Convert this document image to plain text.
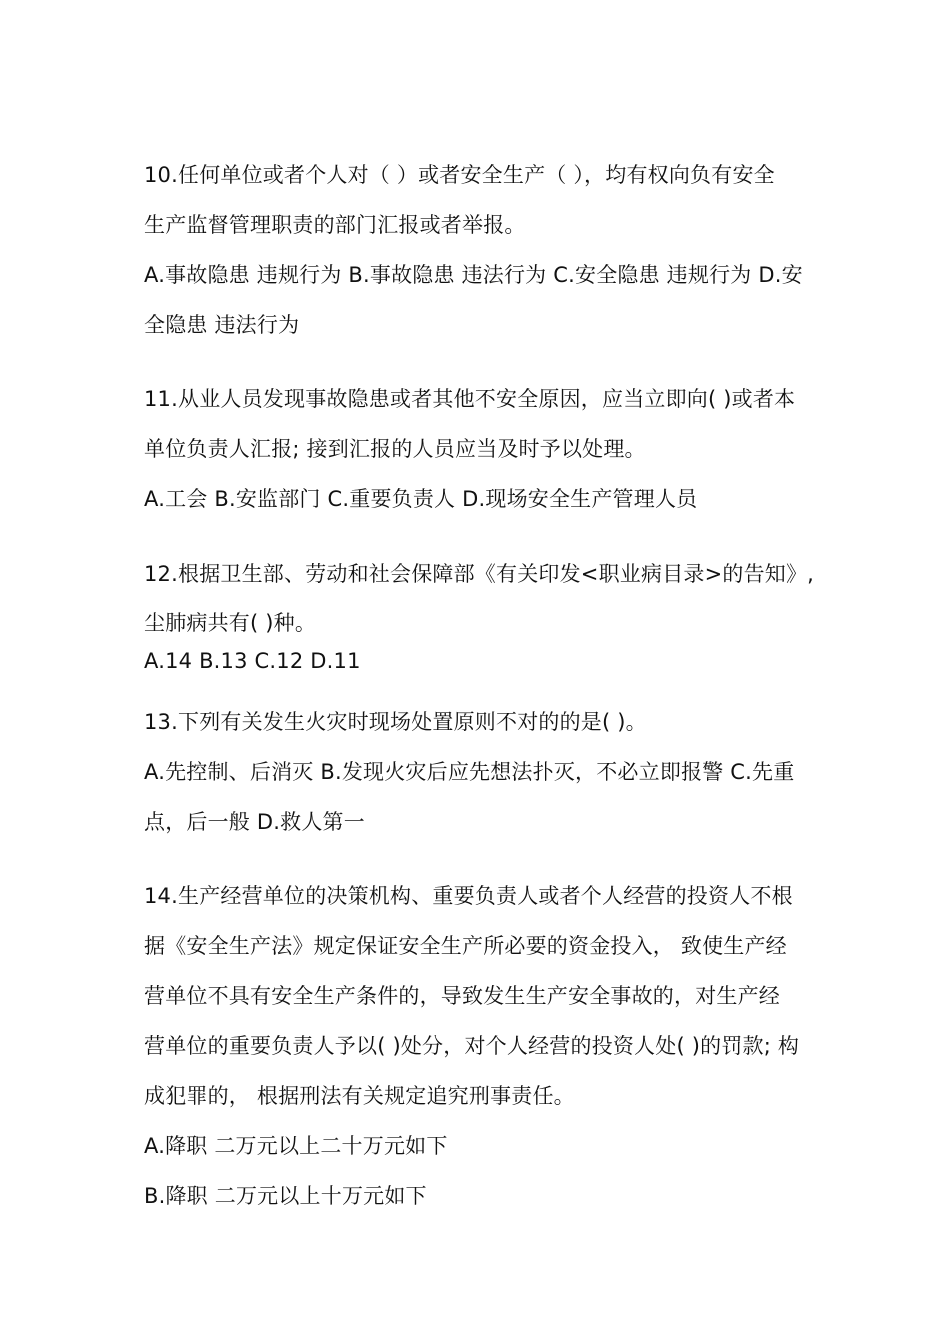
10.任何单位或者个人对（ ）或者安全生产（ ），均有权向负有安全
生产监督管理职责的部门汇报或者举报。
A.事故隐患 违规行为 B.事故隐患 违法行为 C.安全隐患 违规行为 D.安
全隐患 违法行为
11.从业人员发现事故隐患或者其他不安全原因，应当立即向( )或者本
单位负责人汇报; 接到汇报的人员应当及时予以处理。
A.工会 B.安监部门 C.重要负责人 D.现场安全生产管理人员
12.根据卫生部、劳动和社会保障部《有关印发<职业病目录>的告知》,
尘肺病共有( )种。
A.14 B.13 C.12 D.11
13.下列有关发生火灾时现场处置原则不对的的是( )。
A.先控制、后消灭 B.发现火灾后应先想法扑灭，不必立即报警 C.先重
点，后一般 D.救人第一
14.生产经营单位的决策机构、重要负责人或者个人经营的投资人不根
据《安全生产法》规定保证安全生产所必要的资金投入， 致使生产经
营单位不具有安全生产条件的，导致发生生产安全事故的，对生产经
营单位的重要负责人予以( )处分，对个人经营的投资人处( )的罚款; 构
成犯罪的， 根据刑法有关规定追究刑事责任。
A.降职 二万元以上二十万元如下
B.降职 二万元以上十万元如下
